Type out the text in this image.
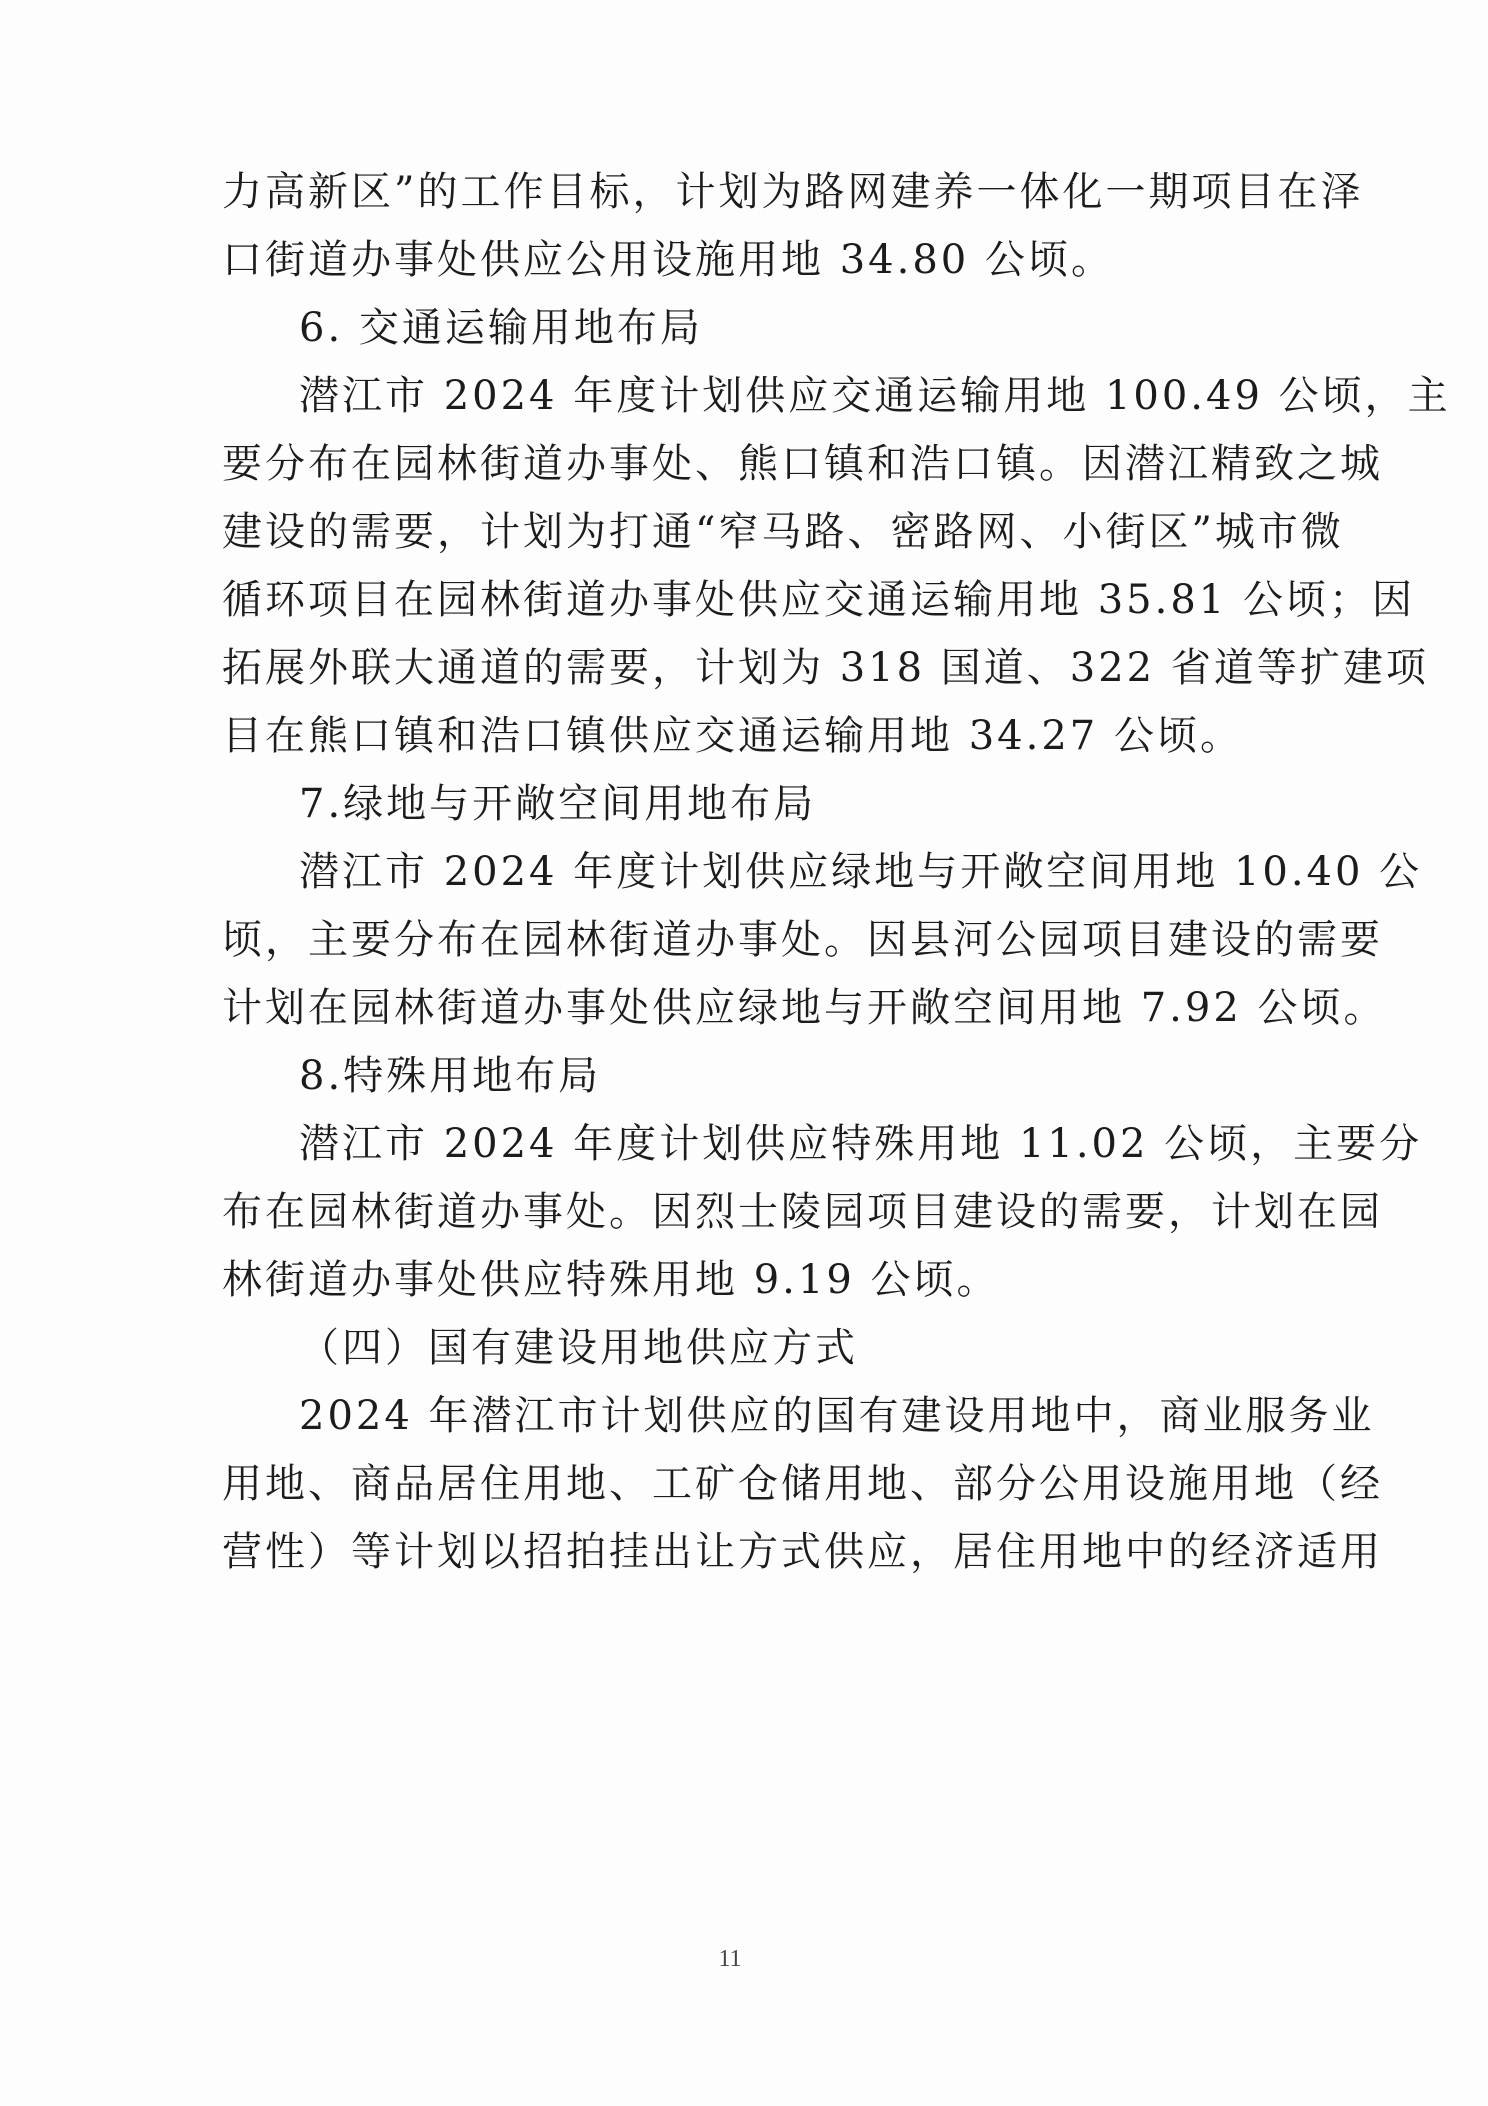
力高新区”的工作目标，计划为路网建养一体化一期项目在泽
口街道办事处供应公用设施用地 34.80 公顷。
6. 交通运输用地布局
潜江市 2024 年度计划供应交通运输用地 100.49 公顷，主
要分布在园林街道办事处、熊口镇和浩口镇。因潜江精致之城
建设的需要，计划为打通“窄马路、密路网、小街区”城市微
循环项目在园林街道办事处供应交通运输用地 35.81 公顷；因
拓展外联大通道的需要，计划为 318 国道、322 省道等扩建项
目在熊口镇和浩口镇供应交通运输用地 34.27 公顷。
7.绿地与开敞空间用地布局
潜江市 2024 年度计划供应绿地与开敞空间用地 10.40 公
顷，主要分布在园林街道办事处。因县河公园项目建设的需要
计划在园林街道办事处供应绿地与开敞空间用地 7.92 公顷。
8.特殊用地布局
潜江市 2024 年度计划供应特殊用地 11.02 公顷，主要分
布在园林街道办事处。因烈士陵园项目建设的需要，计划在园
林街道办事处供应特殊用地 9.19 公顷。
（四）国有建设用地供应方式
2024 年潜江市计划供应的国有建设用地中，商业服务业
用地、商品居住用地、工矿仓储用地、部分公用设施用地（经
营性）等计划以招拍挂出让方式供应，居住用地中的经济适用
11
